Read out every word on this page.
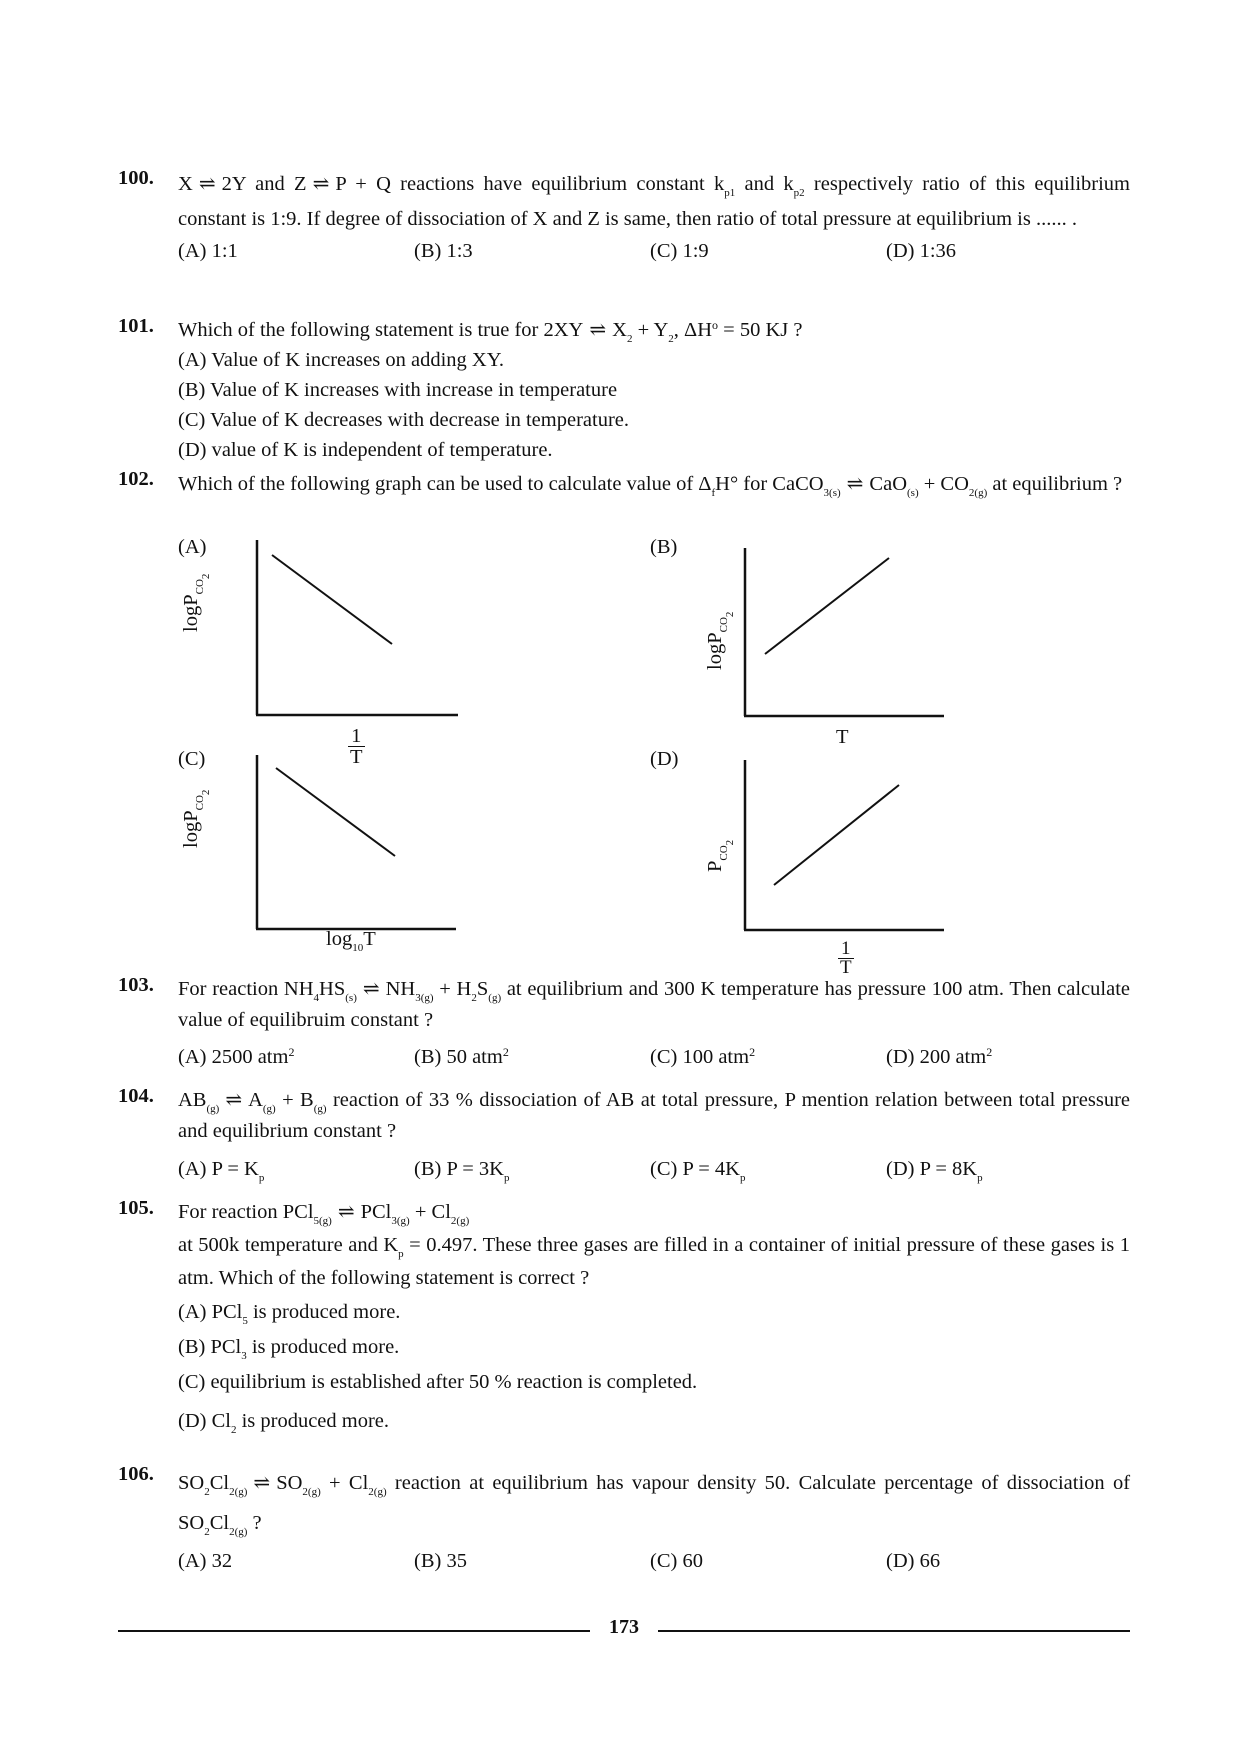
100. X ⇌ 2Y and Z ⇌ P + Q reactions have equilibrium constant $k_{p1}$ and $k_{p2}$ respectively ratio of this equilibrium constant is 1:9. If degree of dissociation of X and Z is same, then ratio of total pressure at equilibrium is ...... .
(A) 1:1	(B) 1:3	(C) 1:9	(D) 1:36
101. Which of the following statement is true for 2XY ⇌ $X_2 + Y_2$, $\Delta H^o = 50$ KJ ?
(A) Value of K increases on adding XY.
(B) Value of K increases with increase in temperature
(C) Value of K decreases with decrease in temperature.
(D) value of K is independent of temperature.
102. Which of the following graph can be used to calculate value of $\Delta_fH^\circ$ for CaCO$_{3(s)}$ ⇌ $CaO_{(s)} + CO_{2(g)}$ at equilibrium ?
(A)
logP$_{CO_2}$
1
T
(B)
logP$_{CO_2}$
T
(C)
logP$_{CO_2}$
$\log_{10}T$
(D)
$P_{CO_2}$
1
T
103. For reaction $NH_4HS_{(s)}$ ⇌ $NH_{3(g)} + H_2S_{(g)}$ at equilibrium and 300 K temperature has pressure 100 atm. Then calculate value of equilibruim constant ?
(A) 2500 atm$^2$	(B) 50 atm$^2$	(C) 100 atm$^2$	(D) 200 atm$^2$
104. $AB_{(g)}$ ⇌ $A_{(g)} + B_{(g)}$ reaction of 33 % dissociation of AB at total pressure, P mention relation between total pressure and equilibrium constant ?
(A) $P = K_p$	(B) $P = 3K_p$	(C) $P = 4K_p$	(D) $P = 8K_p$
105. For reaction PCl$_{5(g)}$ ⇌ $PCl_{3(g)} + Cl_{2(g)}$
at 500k temperature and $K_p = 0.497$. These three gases are filled in a container of initial pressure of these gases is 1 atm. Which of the following statement is correct ?
(A) PCl$_5$ is produced more.
(B) PCl$_3$ is produced more.
(C) equilibrium is established after 50 % reaction is completed.
(D) $Cl_2$ is produced more.
106. $SO_2Cl_{2(g)}$ ⇌ $SO_{2(g)} + Cl_{2(g)}$ reaction at equilibrium has vapour density 50. Calculate percentage of dissociation of $SO_2Cl_{2(g)}$ ?
(A) 32	(B) 35	(C) 60	(D) 66
173
